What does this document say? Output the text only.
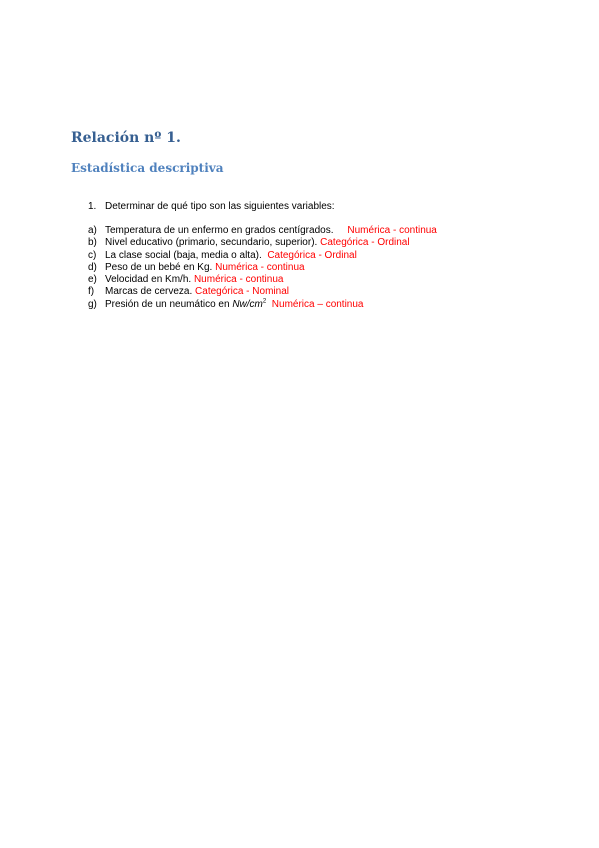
Relación nº 1.
Estadística descriptiva
1. Determinar de qué tipo son las siguientes variables:
a) Temperatura de un enfermo en grados centígrados. Numérica - continua
b) Nivel educativo (primario, secundario, superior). Categórica - Ordinal
c) La clase social (baja, media o alta). Categórica - Ordinal
d) Peso de un bebé en Kg. Numérica - continua
e) Velocidad en Km/h. Numérica - continua
f) Marcas de cerveza. Categórica - Nominal
g) Presión de un neumático en $Nw/cm^2$ Numérica – continua
